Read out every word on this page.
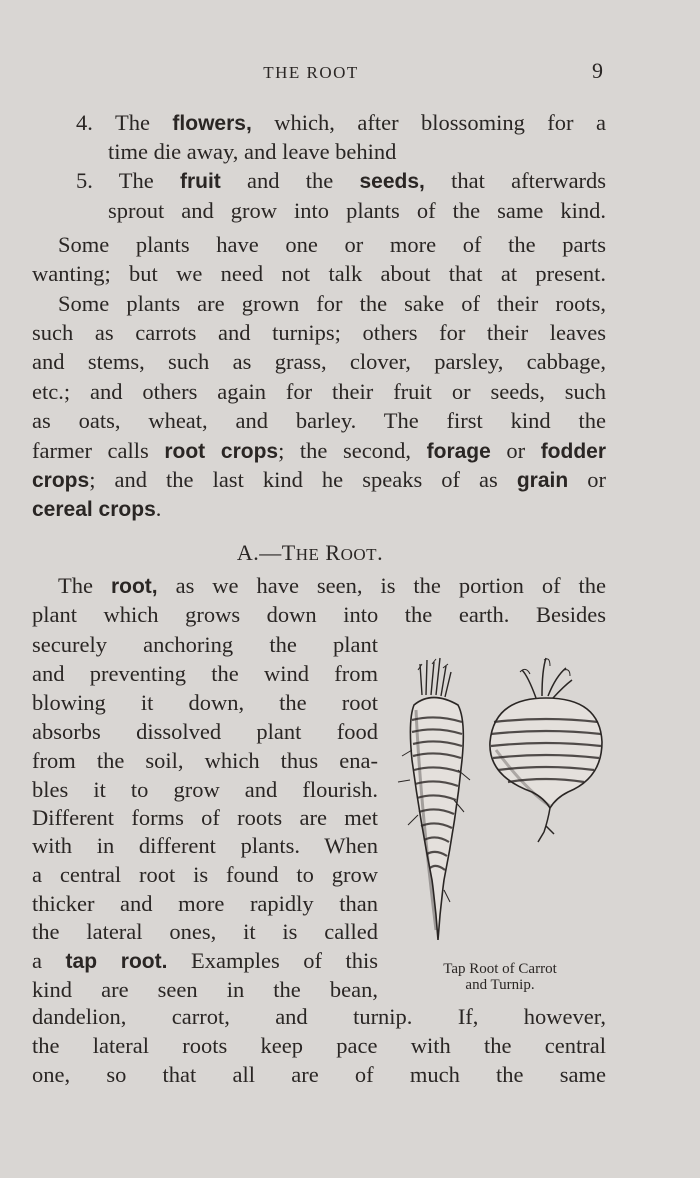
THE ROOT	9
4. The flowers, which, after blossoming for a
time die away, and leave behind
5. The fruit and the seeds, that afterwards
sprout and grow into plants of the same kind.
Some plants have one or more of the parts
wanting; but we need not talk about that at present.
Some plants are grown for the sake of their roots,
such as carrots and turnips; others for their leaves
and stems, such as grass, clover, parsley, cabbage,
etc.; and others again for their fruit or seeds, such
as oats, wheat, and barley. The first kind the
farmer calls root crops; the second, forage or fodder
crops; and the last kind he speaks of as grain or
cereal crops.
A.—THE ROOT.
The root, as we have seen, is the portion of the
plant which grows down into the earth. Besides
securely anchoring the plant
and preventing the wind from
blowing it down, the root
absorbs dissolved plant food
from the soil, which thus ena-
bles it to grow and flourish.
Different forms of roots are met
with in different plants. When
a central root is found to grow
thicker and more rapidly than
the lateral ones, it is called
a tap root. Examples of this
kind are seen in the bean,
dandelion, carrot, and turnip. If, however,
the lateral roots keep pace with the central
one, so that all are of much the same
Tap Root of Carrot
and Turnip.
